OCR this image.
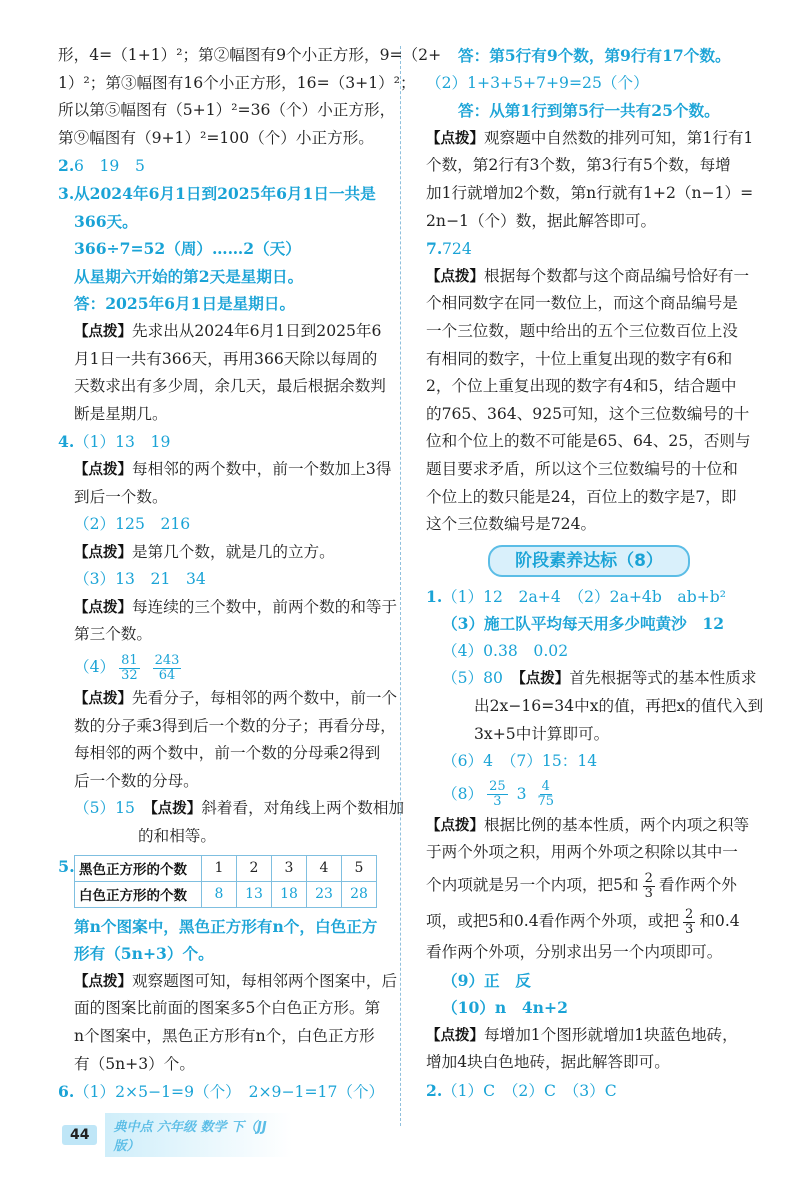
形，4=（1+1）²；第②幅图有9个小正方形，9=（2+
1）²；第③幅图有16个小正方形，16=（3+1）²；
所以第⑤幅图有（5+1）²=36（个）小正方形，
第⑨幅图有（9+1）²=100（个）小正方形。
2.6　19　5
3.从2024年6月1日到2025年6月1日一共是
366天。
366÷7=52（周）……2（天）
从星期六开始的第2天是星期日。
答：2025年6月1日是星期日。
【点拨】先求出从2024年6月1日到2025年6
月1日一共有366天，再用366天除以每周的
天数求出有多少周，余几天，最后根据余数判
断是星期几。
4.（1）13　19
【点拨】每相邻的两个数中，前一个数加上3得
到后一个数。
（2）125　216
【点拨】是第几个数，就是几的立方。
（3）13　21　34
【点拨】每连续的三个数中，前两个数的和等于
第三个数。
$(4) \frac{81}{32}$
$\frac{243}{64}$
【点拨】先看分子，每相邻的两个数中，前一个
数的分子乘3得到后一个数的分子；再看分母，
每相邻的两个数中，前一个数的分母乘2得到
后一个数的分母。
（5）15　 【点拨】斜着看，对角线上两个数相加
的和相等。
5. 黑色正方形的个数	1	2	3	4	5
白色正方形的个数	8	13	18	23	28
第n个图案中，黑色正方形有n个，白色正方
形有（5n+3）个。
【点拨】观察题图可知，每相邻两个图案中，后
面的图案比前面的图案多5个白色正方形。第
n个图案中，黑色正方形有n个，白色正方形
有（5n+3）个。
6.（1）2×5−1=9（个）　2×9−1=17（个）
答：第5行有9个数，第9行有17个数。
（2）1+3+5+7+9=25（个）
答：从第1行到第5行一共有25个数。
【点拨】观察题中自然数的排列可知，第1行有1
个数，第2行有3个数，第3行有5个数，每增
加1行就增加2个数，第n行就有1+2（n−1）=
2n−1（个）数，据此解答即可。
7.724
【点拨】根据每个数都与这个商品编号恰好有一
个相同数字在同一数位上，而这个商品编号是
一个三位数，题中给出的五个三位数百位上没
有相同的数字，十位上重复出现的数字有6和
2，个位上重复出现的数字有4和5，结合题中
的765、364、925可知，这个三位数编号的十
位和个位上的数不可能是65、64、25，否则与
题目要求矛盾，所以这个三位数编号的十位和
个位上的数只能是24，百位上的数字是7，即
这个三位数编号是724。
阶段素养达标（8）
1.（1）12　2a+4　（2）2a+4b　ab+b²
（3）施工队平均每天用多少吨黄沙　12
（4）0.38　0.02
（5）80　 【点拨】首先根据等式的基本性质求
出2x−16=34中x的值，再把x的值代入到
3x+5中计算即可。
（6）4　（7）15：14
$(8) \frac{25}{3} 3 \frac{4}{75}$
【点拨】根据比例的基本性质，两个内项之积等
于两个外项之积，用两个外项之积除以其中一
个内项就是另一个内项，把5和 $\frac{2}{3}$ 看作两个外
项，或把5和0.4看作两个外项，或把 $\frac{2}{3}$ 和0.4
看作两个外项，分别求出另一个内项即可。
（9）正　反
（10）n　4n+2
【点拨】每增加1个图形就增加1块蓝色地砖，
增加4块白色地砖，据此解答即可。
2.（1）C　（2）C　（3）C
44	典中点 六年级 数学 下（JJ版）
